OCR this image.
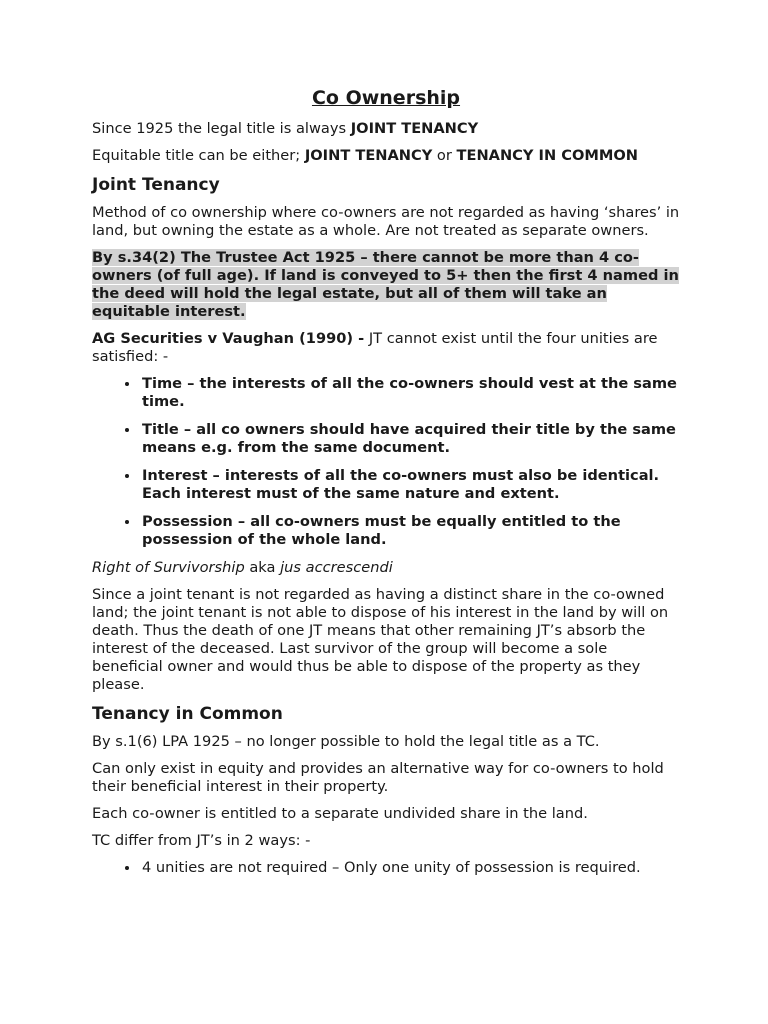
Co Ownership

Since 1925 the legal title is always JOINT TENANCY

Equitable title can be either; JOINT TENANCY or TENANCY IN COMMON

Joint Tenancy

Method of co ownership where co-owners are not regarded as having ‘shares’ in land, but owning the estate as a whole. Are not treated as separate owners.

By s.34(2) The Trustee Act 1925 – there cannot be more than 4 co-owners (of full age). If land is conveyed to 5+ then the first 4 named in the deed will hold the legal estate, but all of them will take an equitable interest.

AG Securities v Vaughan (1990) - JT cannot exist until the four unities are satisfied: -

• Time – the interests of all the co-owners should vest at the same time.
• Title – all co owners should have acquired their title by the same means e.g. from the same document.
• Interest – interests of all the co-owners must also be identical. Each interest must of the same nature and extent.
• Possession – all co-owners must be equally entitled to the possession of the whole land.

Right of Survivorship aka jus accrescendi

Since a joint tenant is not regarded as having a distinct share in the co-owned land; the joint tenant is not able to dispose of his interest in the land by will on death. Thus the death of one JT means that other remaining JT’s absorb the interest of the deceased. Last survivor of the group will become a sole beneficial owner and would thus be able to dispose of the property as they please.

Tenancy in Common

By s.1(6) LPA 1925 – no longer possible to hold the legal title as a TC.

Can only exist in equity and provides an alternative way for co-owners to hold their beneficial interest in their property.

Each co-owner is entitled to a separate undivided share in the land.

TC differ from JT’s in 2 ways: -

• 4 unities are not required – Only one unity of possession is required.
